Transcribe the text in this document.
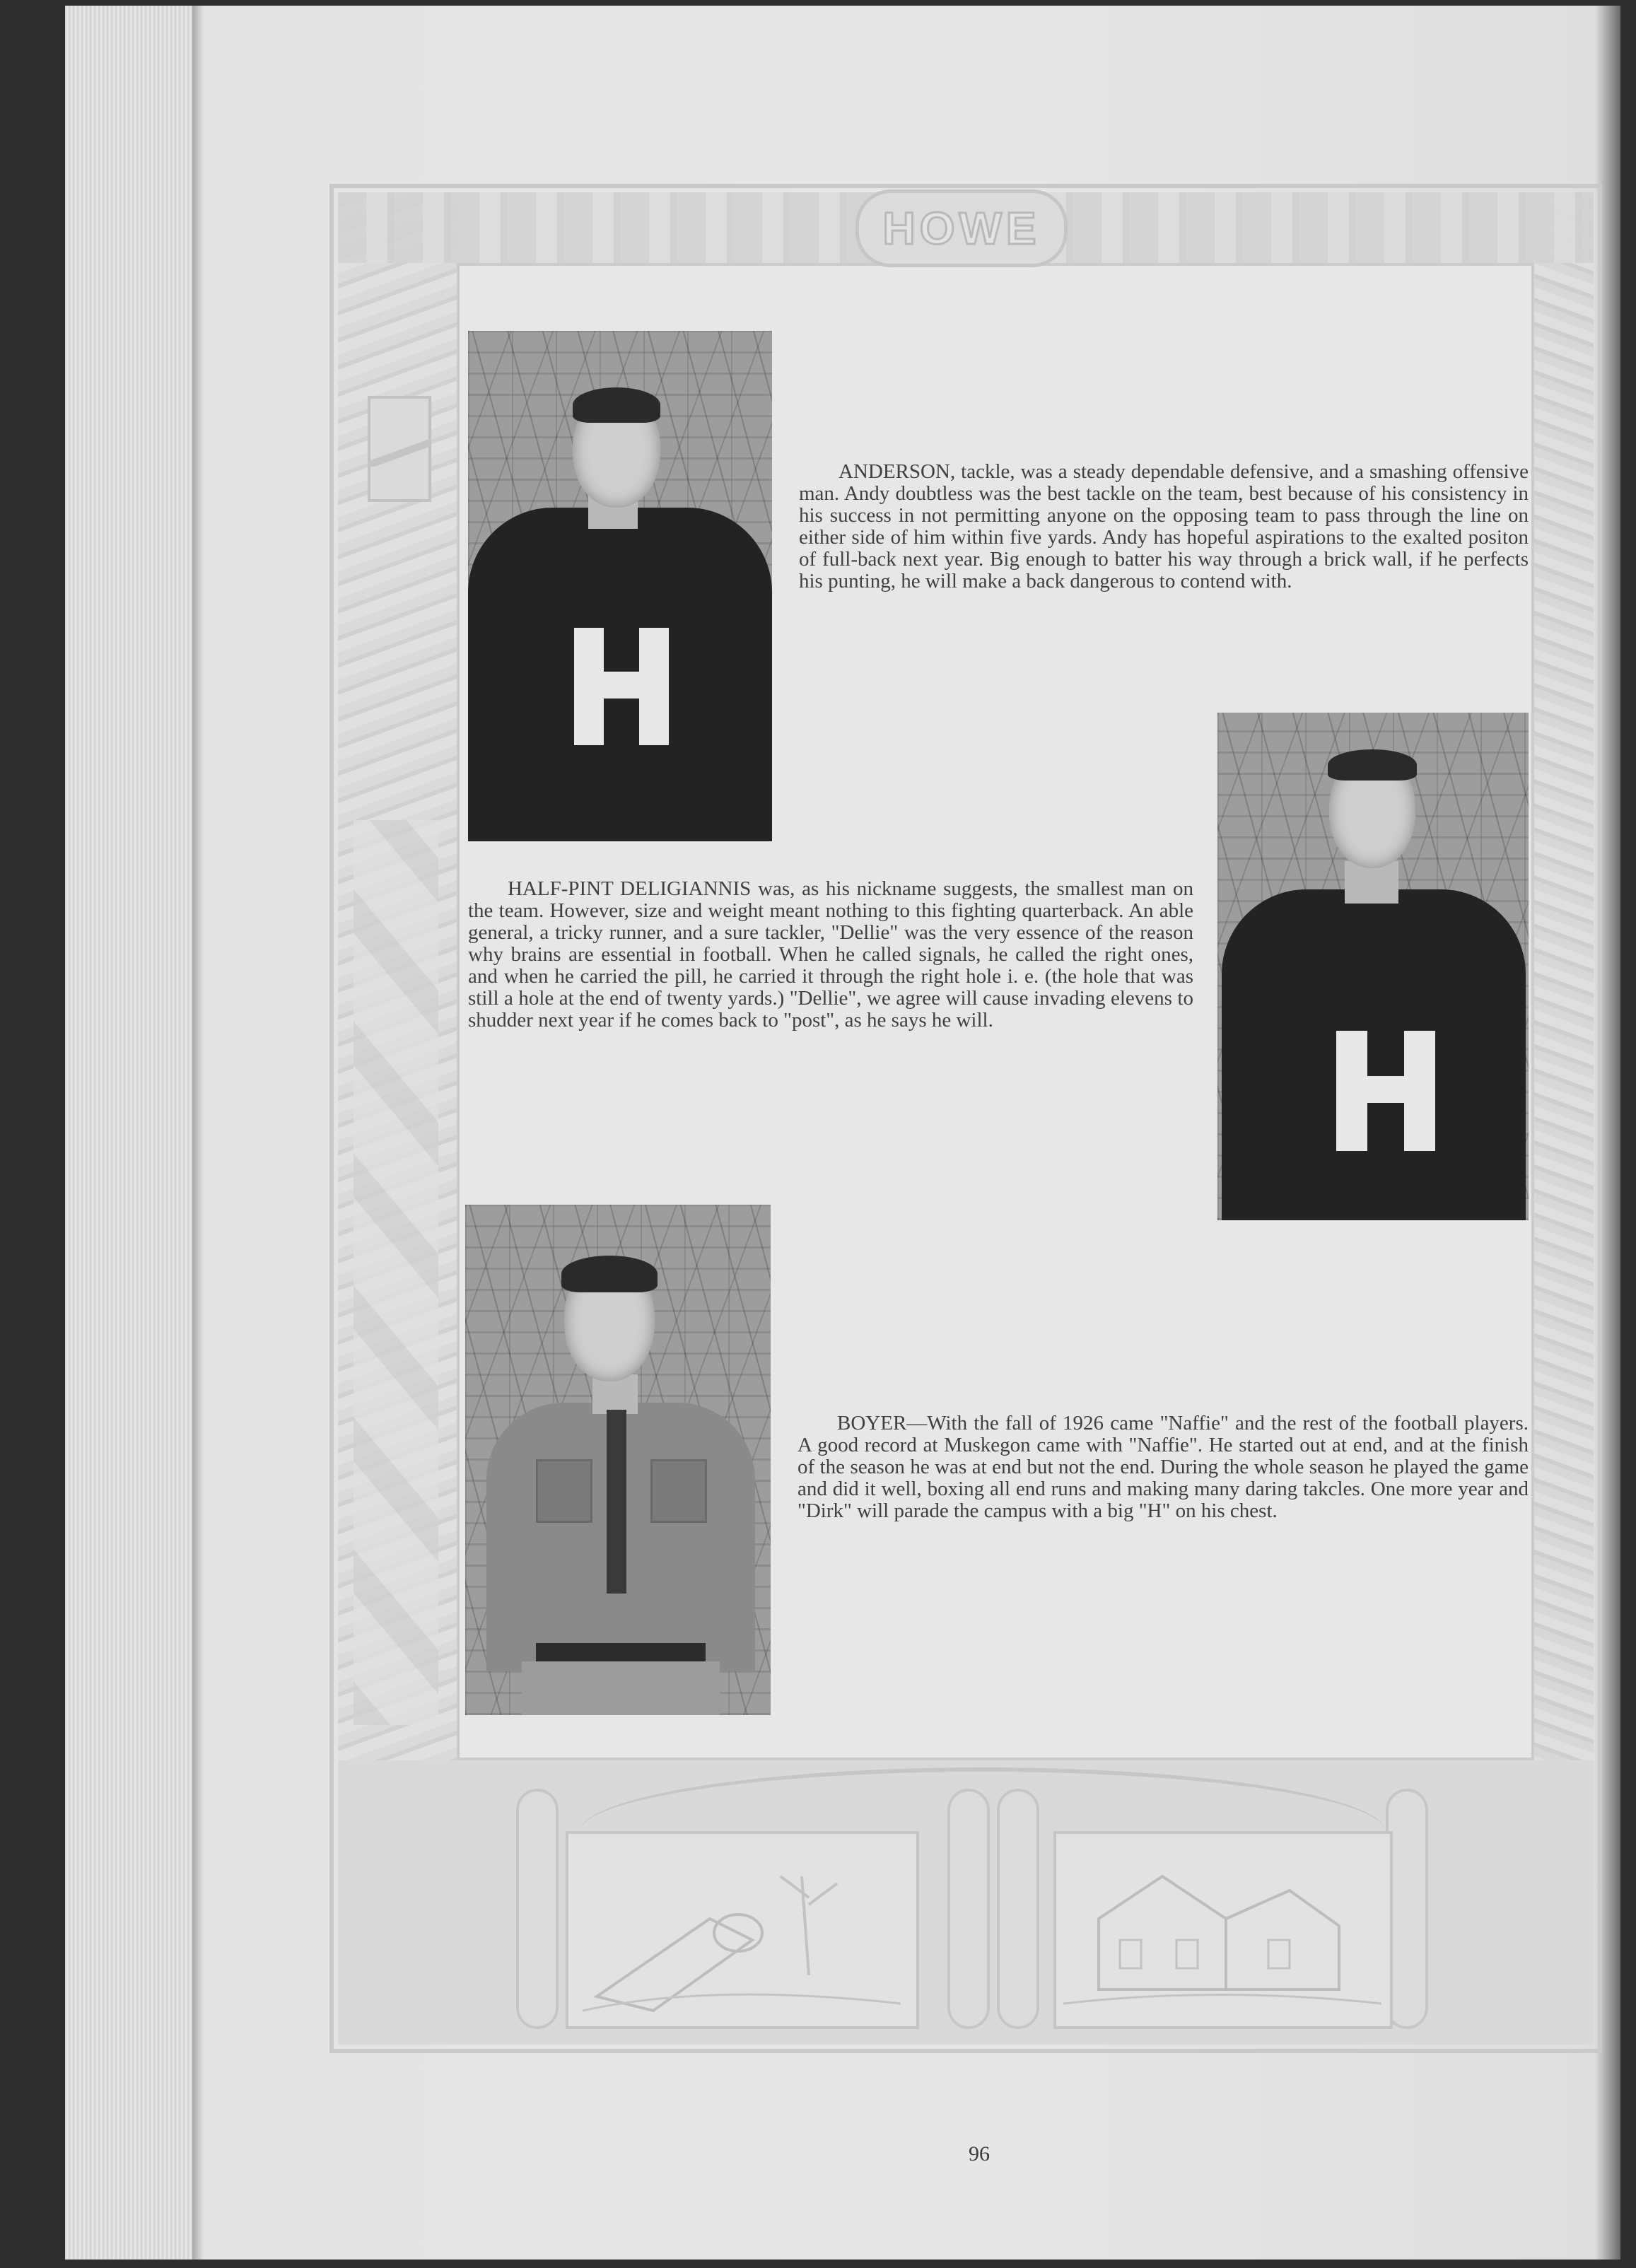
HOWE

ANDERSON, tackle, was a steady dependable defensive, and a smashing offensive man. Andy doubtless was the best tackle on the team, best because of his consistency in his success in not permitting anyone on the opposing team to pass through the line on either side of him within five yards. Andy has hopeful aspirations to the exalted positon of full-back next year. Big enough to batter his way through a brick wall, if he perfects his punting, he will make a back dangerous to contend with.

HALF-PINT DELIGIANNIS was, as his nickname suggests, the smallest man on the team. However, size and weight meant nothing to this fighting quarterback. An able general, a tricky runner, and a sure tackler, "Dellie" was the very essence of the reason why brains are essential in football. When he called signals, he called the right ones, and when he carried the pill, he carried it through the right hole i. e. (the hole that was still a hole at the end of twenty yards.) "Dellie", we agree will cause invading elevens to shudder next year if he comes back to "post", as he says he will.

BOYER—With the fall of 1926 came "Naffie" and the rest of the football players. A good record at Muskegon came with "Naffie". He started out at end, and at the finish of the season he was at end but not the end. During the whole season he played the game and did it well, boxing all end runs and making many daring takcles. One more year and "Dirk" will parade the campus with a big "H" on his chest.

96
